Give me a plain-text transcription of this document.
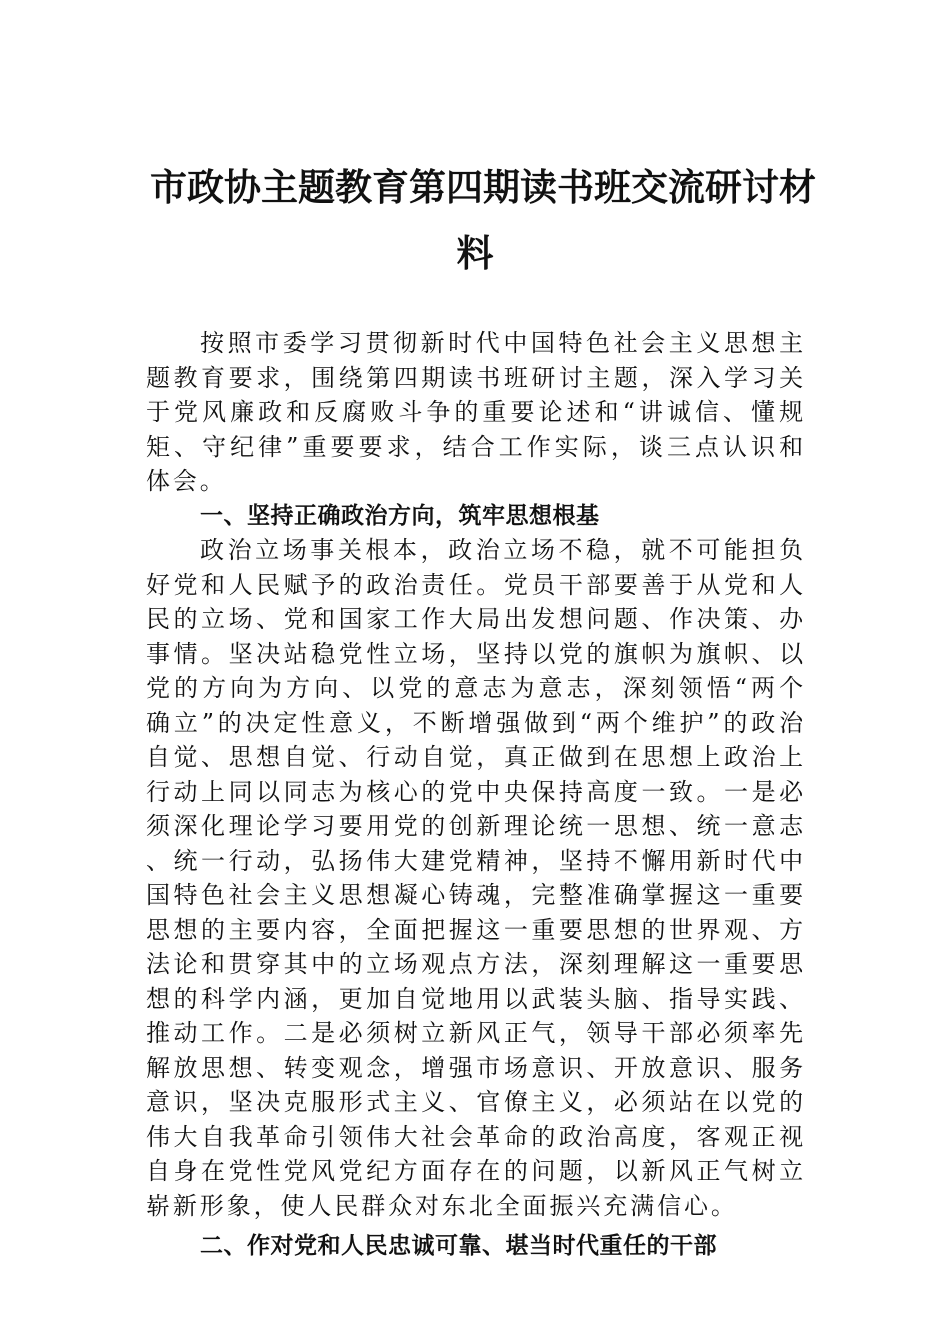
市政协主题教育第四期读书班交流研讨材
料

按照市委学习贯彻新时代中国特色社会主义思想主题教育要求，围绕第四期读书班研讨主题，深入学习关于党风廉政和反腐败斗争的重要论述和“讲诚信、懂规矩、守纪律”重要要求，结合工作实际，谈三点认识和体会。

一、坚持正确政治方向，筑牢思想根基

政治立场事关根本，政治立场不稳，就不可能担负好党和人民赋予的政治责任。党员干部要善于从党和人民的立场、党和国家工作大局出发想问题、作决策、办事情。坚决站稳党性立场，坚持以党的旗帜为旗帜、以党的方向为方向、以党的意志为意志，深刻领悟“两个确立”的决定性意义，不断增强做到“两个维护”的政治自觉、思想自觉、行动自觉，真正做到在思想上政治上行动上同以同志为核心的党中央保持高度一致。一是必须深化理论学习要用党的创新理论统一思想、统一意志、统一行动，弘扬伟大建党精神，坚持不懈用新时代中国特色社会主义思想凝心铸魂，完整准确掌握这一重要思想的主要内容，全面把握这一重要思想的世界观、方法论和贯穿其中的立场观点方法，深刻理解这一重要思想的科学内涵，更加自觉地用以武装头脑、指导实践、推动工作。二是必须树立新风正气，领导干部必须率先解放思想、转变观念，增强市场意识、开放意识、服务意识，坚决克服形式主义、官僚主义，必须站在以党的伟大自我革命引领伟大社会革命的政治高度，客观正视自身在党性党风党纪方面存在的问题，以新风正气树立崭新形象，使人民群众对东北全面振兴充满信心。

二、作对党和人民忠诚可靠、堪当时代重任的干部
